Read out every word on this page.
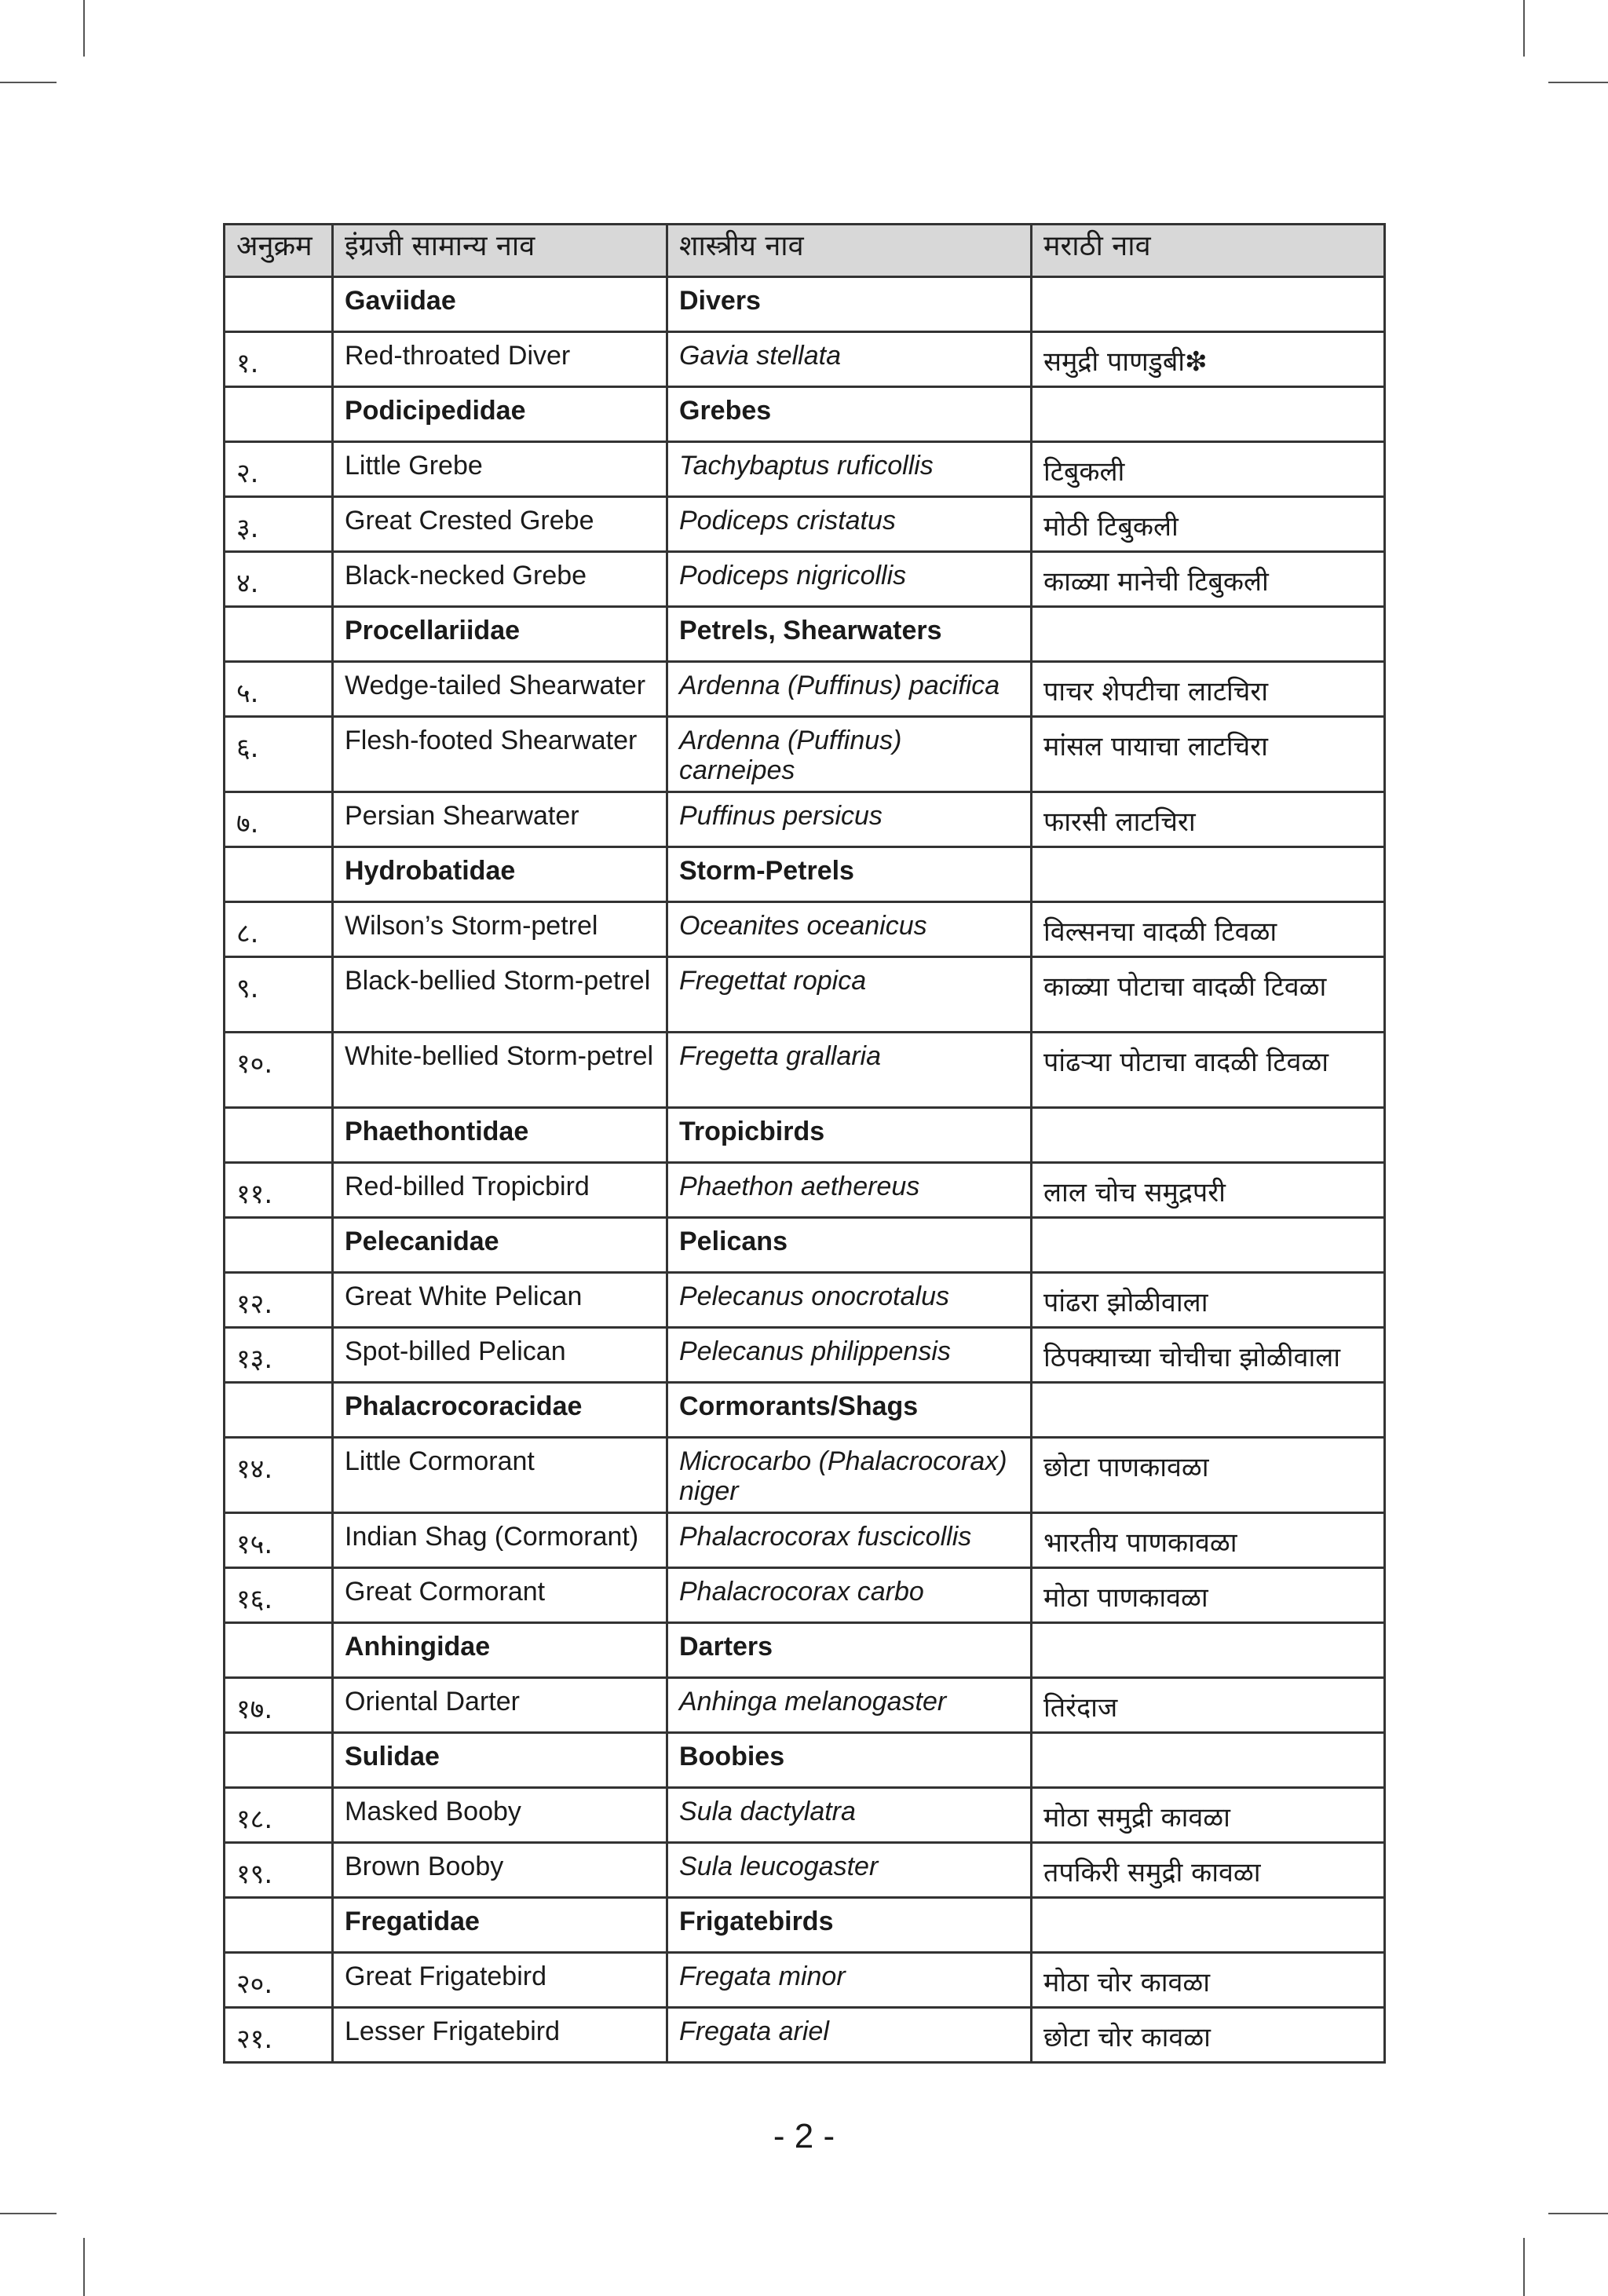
अनुक्रम	इंग्रजी सामान्य नाव	शास्त्रीय नाव	मराठी नाव
	Gaviidae	Divers	
१.	Red-throated Diver	Gavia stellata	समुद्री पाणडुबी❇
	Podicipedidae	Grebes	
२.	Little Grebe	Tachybaptus ruficollis	टिबुकली
३.	Great Crested Grebe	Podiceps cristatus	मोठी टिबुकली
४.	Black-necked Grebe	Podiceps nigricollis	काळ्या मानेची टिबुकली
	Procellariidae	Petrels, Shearwaters	
५.	Wedge-tailed Shearwater	Ardenna (Puffinus) pacifica	पाचर शेपटीचा लाटचिरा
६.	Flesh-footed Shearwater	Ardenna (Puffinus) carneipes	मांसल पायाचा लाटचिरा
७.	Persian Shearwater	Puffinus persicus	फारसी लाटचिरा
	Hydrobatidae	Storm-Petrels	
८.	Wilson’s Storm-petrel	Oceanites oceanicus	विल्सनचा वादळी टिवळा
९.	Black-bellied Storm-petrel	Fregettat ropica	काळ्या पोटाचा वादळी टिवळा
१०.	White-bellied Storm-petrel	Fregetta grallaria	पांढऱ्या पोटाचा वादळी टिवळा
	Phaethontidae	Tropicbirds	
११.	Red-billed Tropicbird	Phaethon aethereus	लाल चोच समुद्रपरी
	Pelecanidae	Pelicans	
१२.	Great White Pelican	Pelecanus onocrotalus	पांढरा झोळीवाला
१३.	Spot-billed Pelican	Pelecanus philippensis	ठिपक्याच्या चोचीचा झोळीवाला
	Phalacrocoracidae	Cormorants/Shags	
१४.	Little Cormorant	Microcarbo (Phalacrocorax) niger	छोटा पाणकावळा
१५.	Indian Shag (Cormorant)	Phalacrocorax fuscicollis	भारतीय पाणकावळा
१६.	Great Cormorant	Phalacrocorax carbo	मोठा पाणकावळा
	Anhingidae	Darters	
१७.	Oriental Darter	Anhinga melanogaster	तिरंदाज
	Sulidae	Boobies	
१८.	Masked Booby	Sula dactylatra	मोठा समुद्री कावळा
१९.	Brown Booby	Sula leucogaster	तपकिरी समुद्री कावळा
	Fregatidae	Frigatebirds	
२०.	Great Frigatebird	Fregata minor	मोठा चोर कावळा
२१.	Lesser Frigatebird	Fregata ariel	छोटा चोर कावळा
- 2 -
